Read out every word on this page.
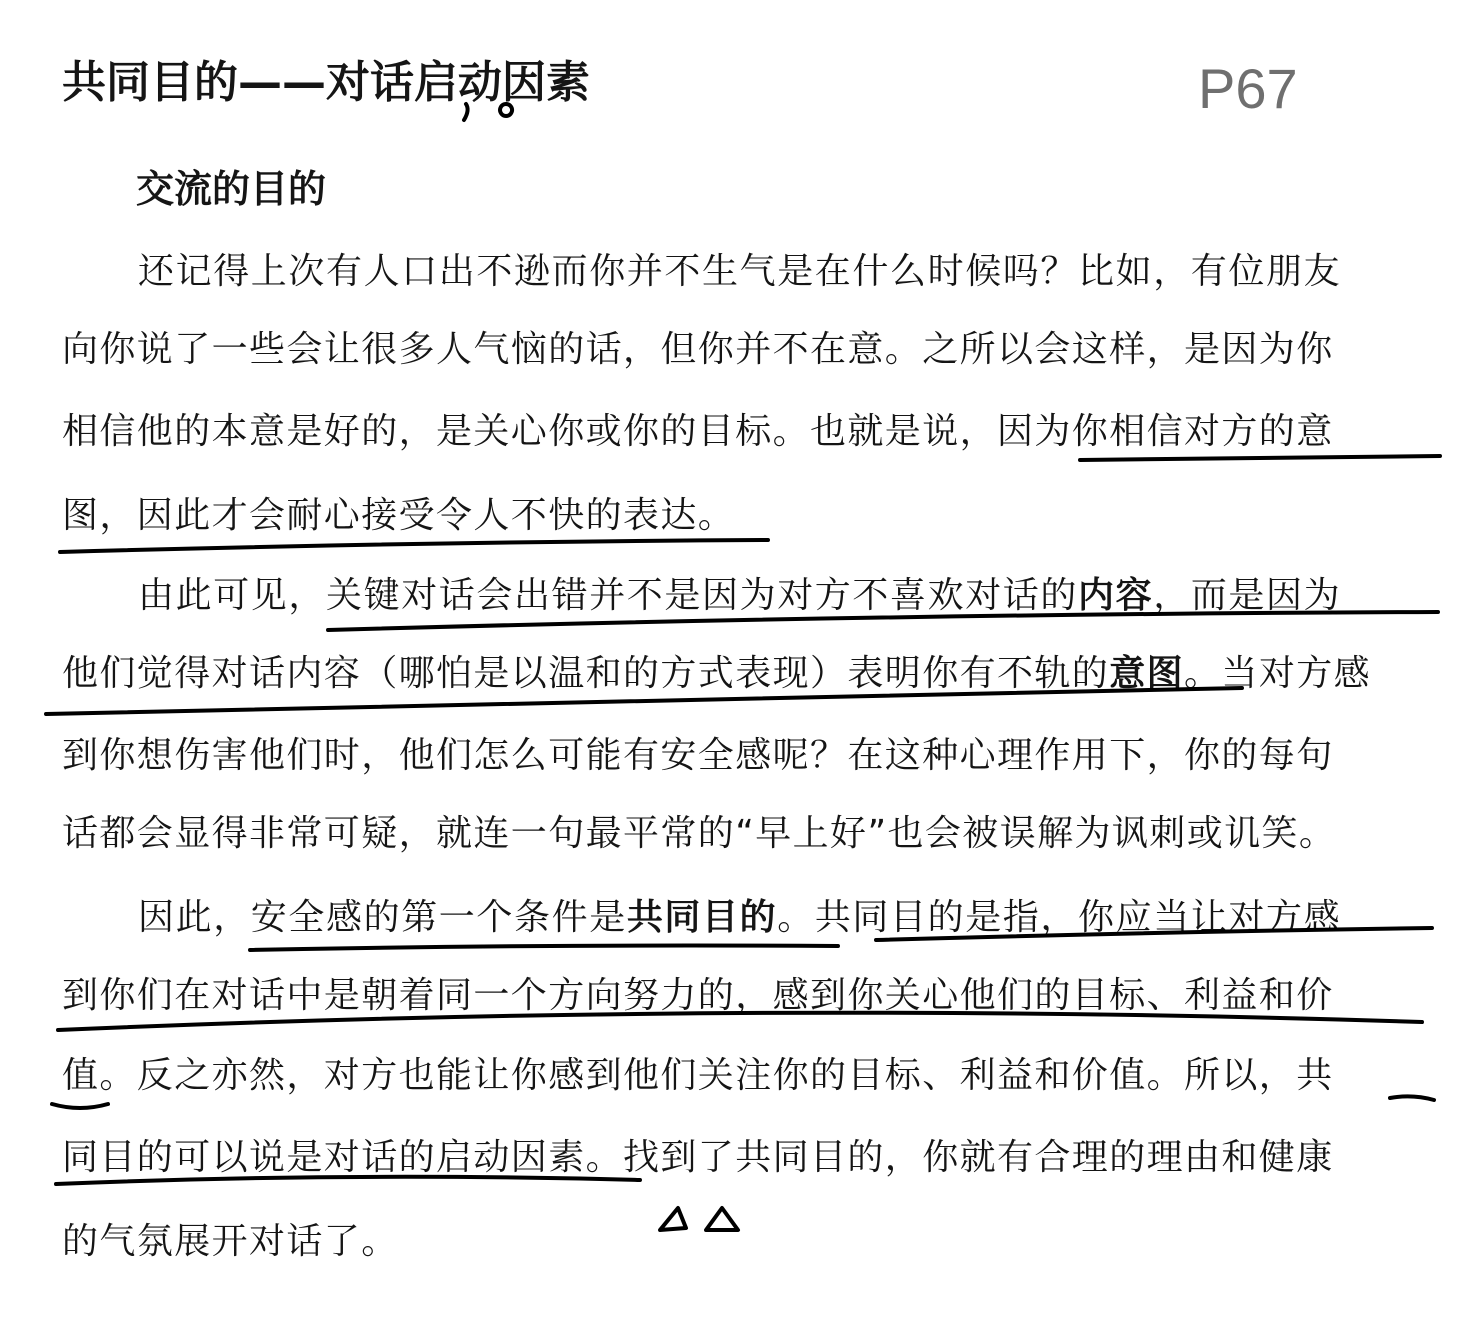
共同目的——对话启动因素	P67
交流的目的
还记得上次有人口出不逊而你并不生气是在什么时候吗？比如，有位朋友
向你说了一些会让很多人气恼的话，但你并不在意。之所以会这样，是因为你
相信他的本意是好的，是关心你或你的目标。也就是说，因为你相信对方的意
图，因此才会耐心接受令人不快的表达。
由此可见，关键对话会出错并不是因为对方不喜欢对话的内容，而是因为
他们觉得对话内容（哪怕是以温和的方式表现）表明你有不轨的意图。当对方感
到你想伤害他们时，他们怎么可能有安全感呢？在这种心理作用下，你的每句
话都会显得非常可疑，就连一句最平常的“早上好”也会被误解为讽刺或讥笑。
因此，安全感的第一个条件是共同目的。共同目的是指，你应当让对方感
到你们在对话中是朝着同一个方向努力的，感到你关心他们的目标、利益和价
值。反之亦然，对方也能让你感到他们关注你的目标、利益和价值。所以，共
同目的可以说是对话的启动因素。找到了共同目的，你就有合理的理由和健康
的气氛展开对话了。
